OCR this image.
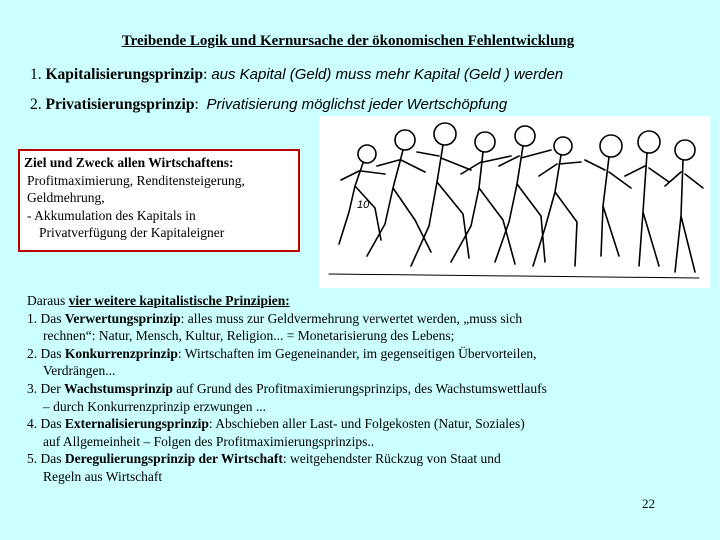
Treibende Logik und Kernursache der ökonomischen Fehlentwicklung
1. Kapitalisierungsprinzip: aus Kapital (Geld) muss mehr Kapital (Geld ) werden
2. Privatisierungsprinzip: Privatisierung möglichst jeder Wertschöpfung
Ziel und Zweck allen Wirtschaftens:
Profitmaximierung, Renditensteigerung,
Geldmehrung,
- Akkumulation des Kapitals in
Privatverfügung der Kapitaleigner
10
Daraus vier weitere kapitalistische Prinzipien:
1. Das Verwertungsprinzip: alles muss zur Geldvermehrung verwertet werden, „muss sich
rechnen“: Natur, Mensch, Kultur, Religion... = Monetarisierung des Lebens;
2. Das Konkurrenzprinzip: Wirtschaften im Gegeneinander, im gegenseitigen Übervorteilen,
Verdrängen...
3. Der Wachstumsprinzip auf Grund des Profitmaximierungsprinzips, des Wachstumswettlaufs
– durch Konkurrenzprinzip erzwungen ...
4. Das Externalisierungsprinzip: Abschieben aller Last- und Folgekosten (Natur, Soziales)
auf Allgemeinheit – Folgen des Profitmaximierungsprinzips..
5. Das Deregulierungsprinzip der Wirtschaft: weitgehendster Rückzug von Staat und
Regeln aus Wirtschaft
22
